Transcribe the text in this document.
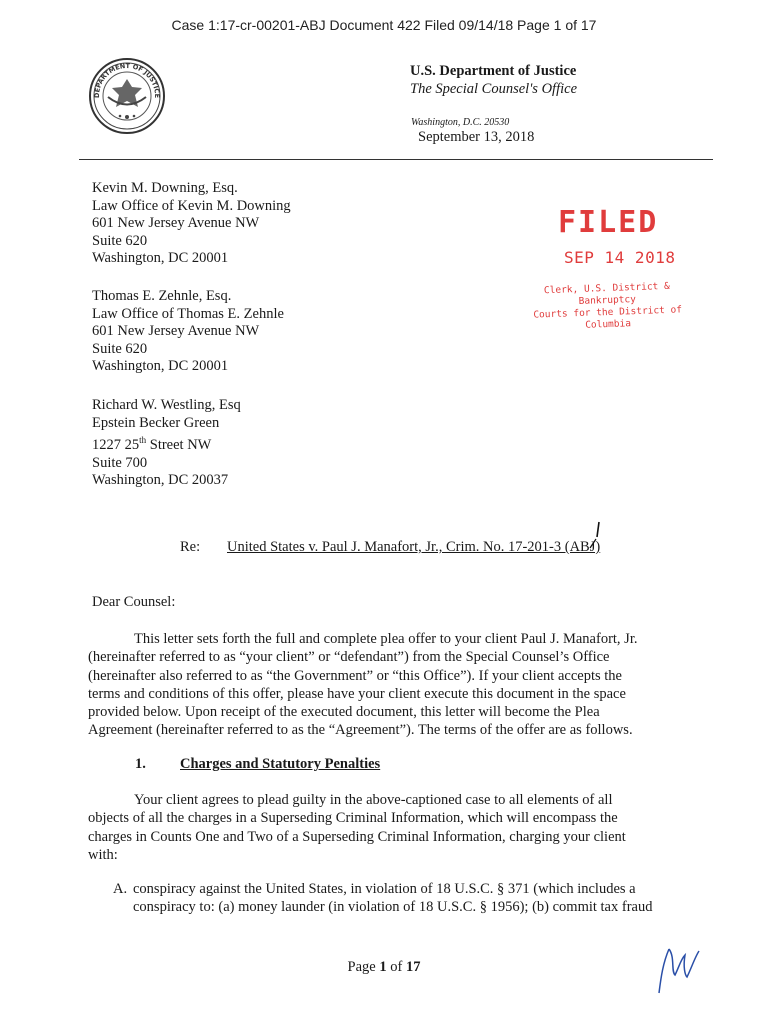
Case 1:17-cr-00201-ABJ Document 422 Filed 09/14/18 Page 1 of 17
DEPARTMENT OF JUSTICE
U.S. Department of Justice
The Special Counsel's Office
Washington, D.C. 20530
September 13, 2018
Kevin M. Downing, Esq.
Law Office of Kevin M. Downing
601 New Jersey Avenue NW
Suite 620
Washington, DC 20001
Thomas E. Zehnle, Esq.
Law Office of Thomas E. Zehnle
601 New Jersey Avenue NW
Suite 620
Washington, DC 20001
Richard W. Westling, Esq
Epstein Becker Green
1227 25th Street NW
Suite 700
Washington, DC 20037
FILED
SEP 14 2018
Clerk, U.S. District & Bankruptcy
Courts for the District of Columbia
Re: United States v. Paul J. Manafort, Jr., Crim. No. 17-201-3 (ABJ)
Dear Counsel:
This letter sets forth the full and complete plea offer to your client Paul J. Manafort, Jr.
(hereinafter referred to as “your client” or “defendant”) from the Special Counsel’s Office
(hereinafter also referred to as “the Government” or “this Office”). If your client accepts the
terms and conditions of this offer, please have your client execute this document in the space
provided below. Upon receipt of the executed document, this letter will become the Plea
Agreement (hereinafter referred to as the “Agreement”). The terms of the offer are as follows.
1. Charges and Statutory Penalties
Your client agrees to plead guilty in the above-captioned case to all elements of all
objects of all the charges in a Superseding Criminal Information, which will encompass the
charges in Counts One and Two of a Superseding Criminal Information, charging your client
with:
A. conspiracy against the United States, in violation of 18 U.S.C. § 371 (which includes a
conspiracy to: (a) money launder (in violation of 18 U.S.C. § 1956); (b) commit tax fraud
Page 1 of 17
